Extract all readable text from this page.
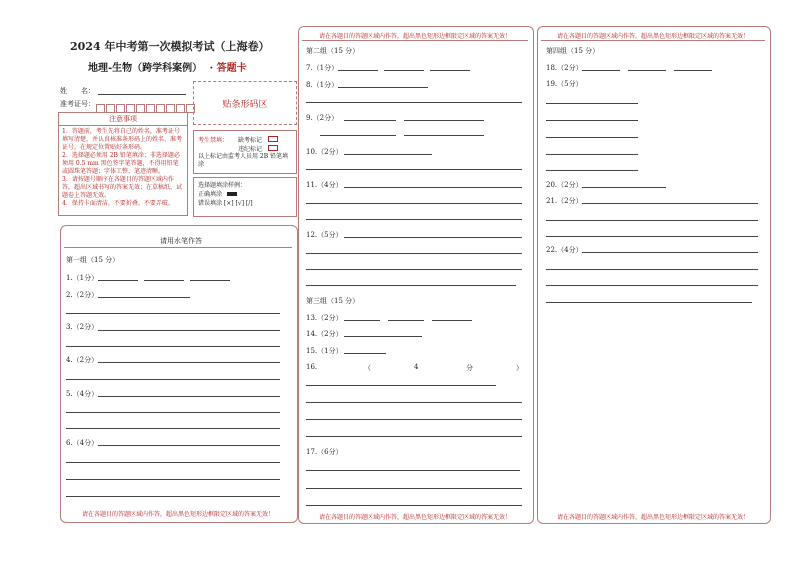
2024 年中考第一次模拟考试（上海卷）
地理-生物（跨学科案例） · 答题卡
姓　　名：
准考证号：	贴条形码区
注意事项
1．答题前，考生先将自己的姓名，准考证号填写清楚，并认真核准条形码上的姓名、准考证号，在规定位置贴好条形码。
2．选择题必须用 2B 铅笔填涂；非选择题必须用 0.5 mm 黑色签字笔答题，不得用铅笔或圆珠笔答题；字体工整、笔迹清晰。
3．请按题号顺序在各题目的答题区域内作答，超出区域书写的答案无效；在草稿纸、试题卷上答题无效。
4．保持卡面清洁，不要折叠、不要弄破。
考生禁填： 缺考标记
违纪标记
以上标记由监考人员用 2B 铅笔填涂
选择题填涂样例：
正确填涂
错误填涂 [×] [√] [/]
请用水笔作答
第一组（15 分）
1.（1分）
2.（2分）
3.（2分）
4.（2分）
5.（4分）
6.（4分）
请在各题目的答题区域内作答，超出黑色矩形边框限定区域的答案无效！
请在各题目的答题区域内作答，超出黑色矩形边框限定区域的答案无效！
第二组（15 分）
7.（1分）
8.（1分）
9.（2分）
10.（2分）
11.（4分）
12.（5分）
第三组（15 分）
13.（2分）
14.（2分）
15.（1分）
16.	（	4	分	）
17.（6分）
请在各题目的答题区域内作答，超出黑色矩形边框限定区域的答案无效！
请在各题目的答题区域内作答，超出黑色矩形边框限定区域的答案无效！
第四组（15 分）
18.（2分）
19.（5分）
20.（2分）
21.（2分）
22.（4分）
请在各题目的答题区域内作答，超出黑色矩形边框限定区域的答案无效！
